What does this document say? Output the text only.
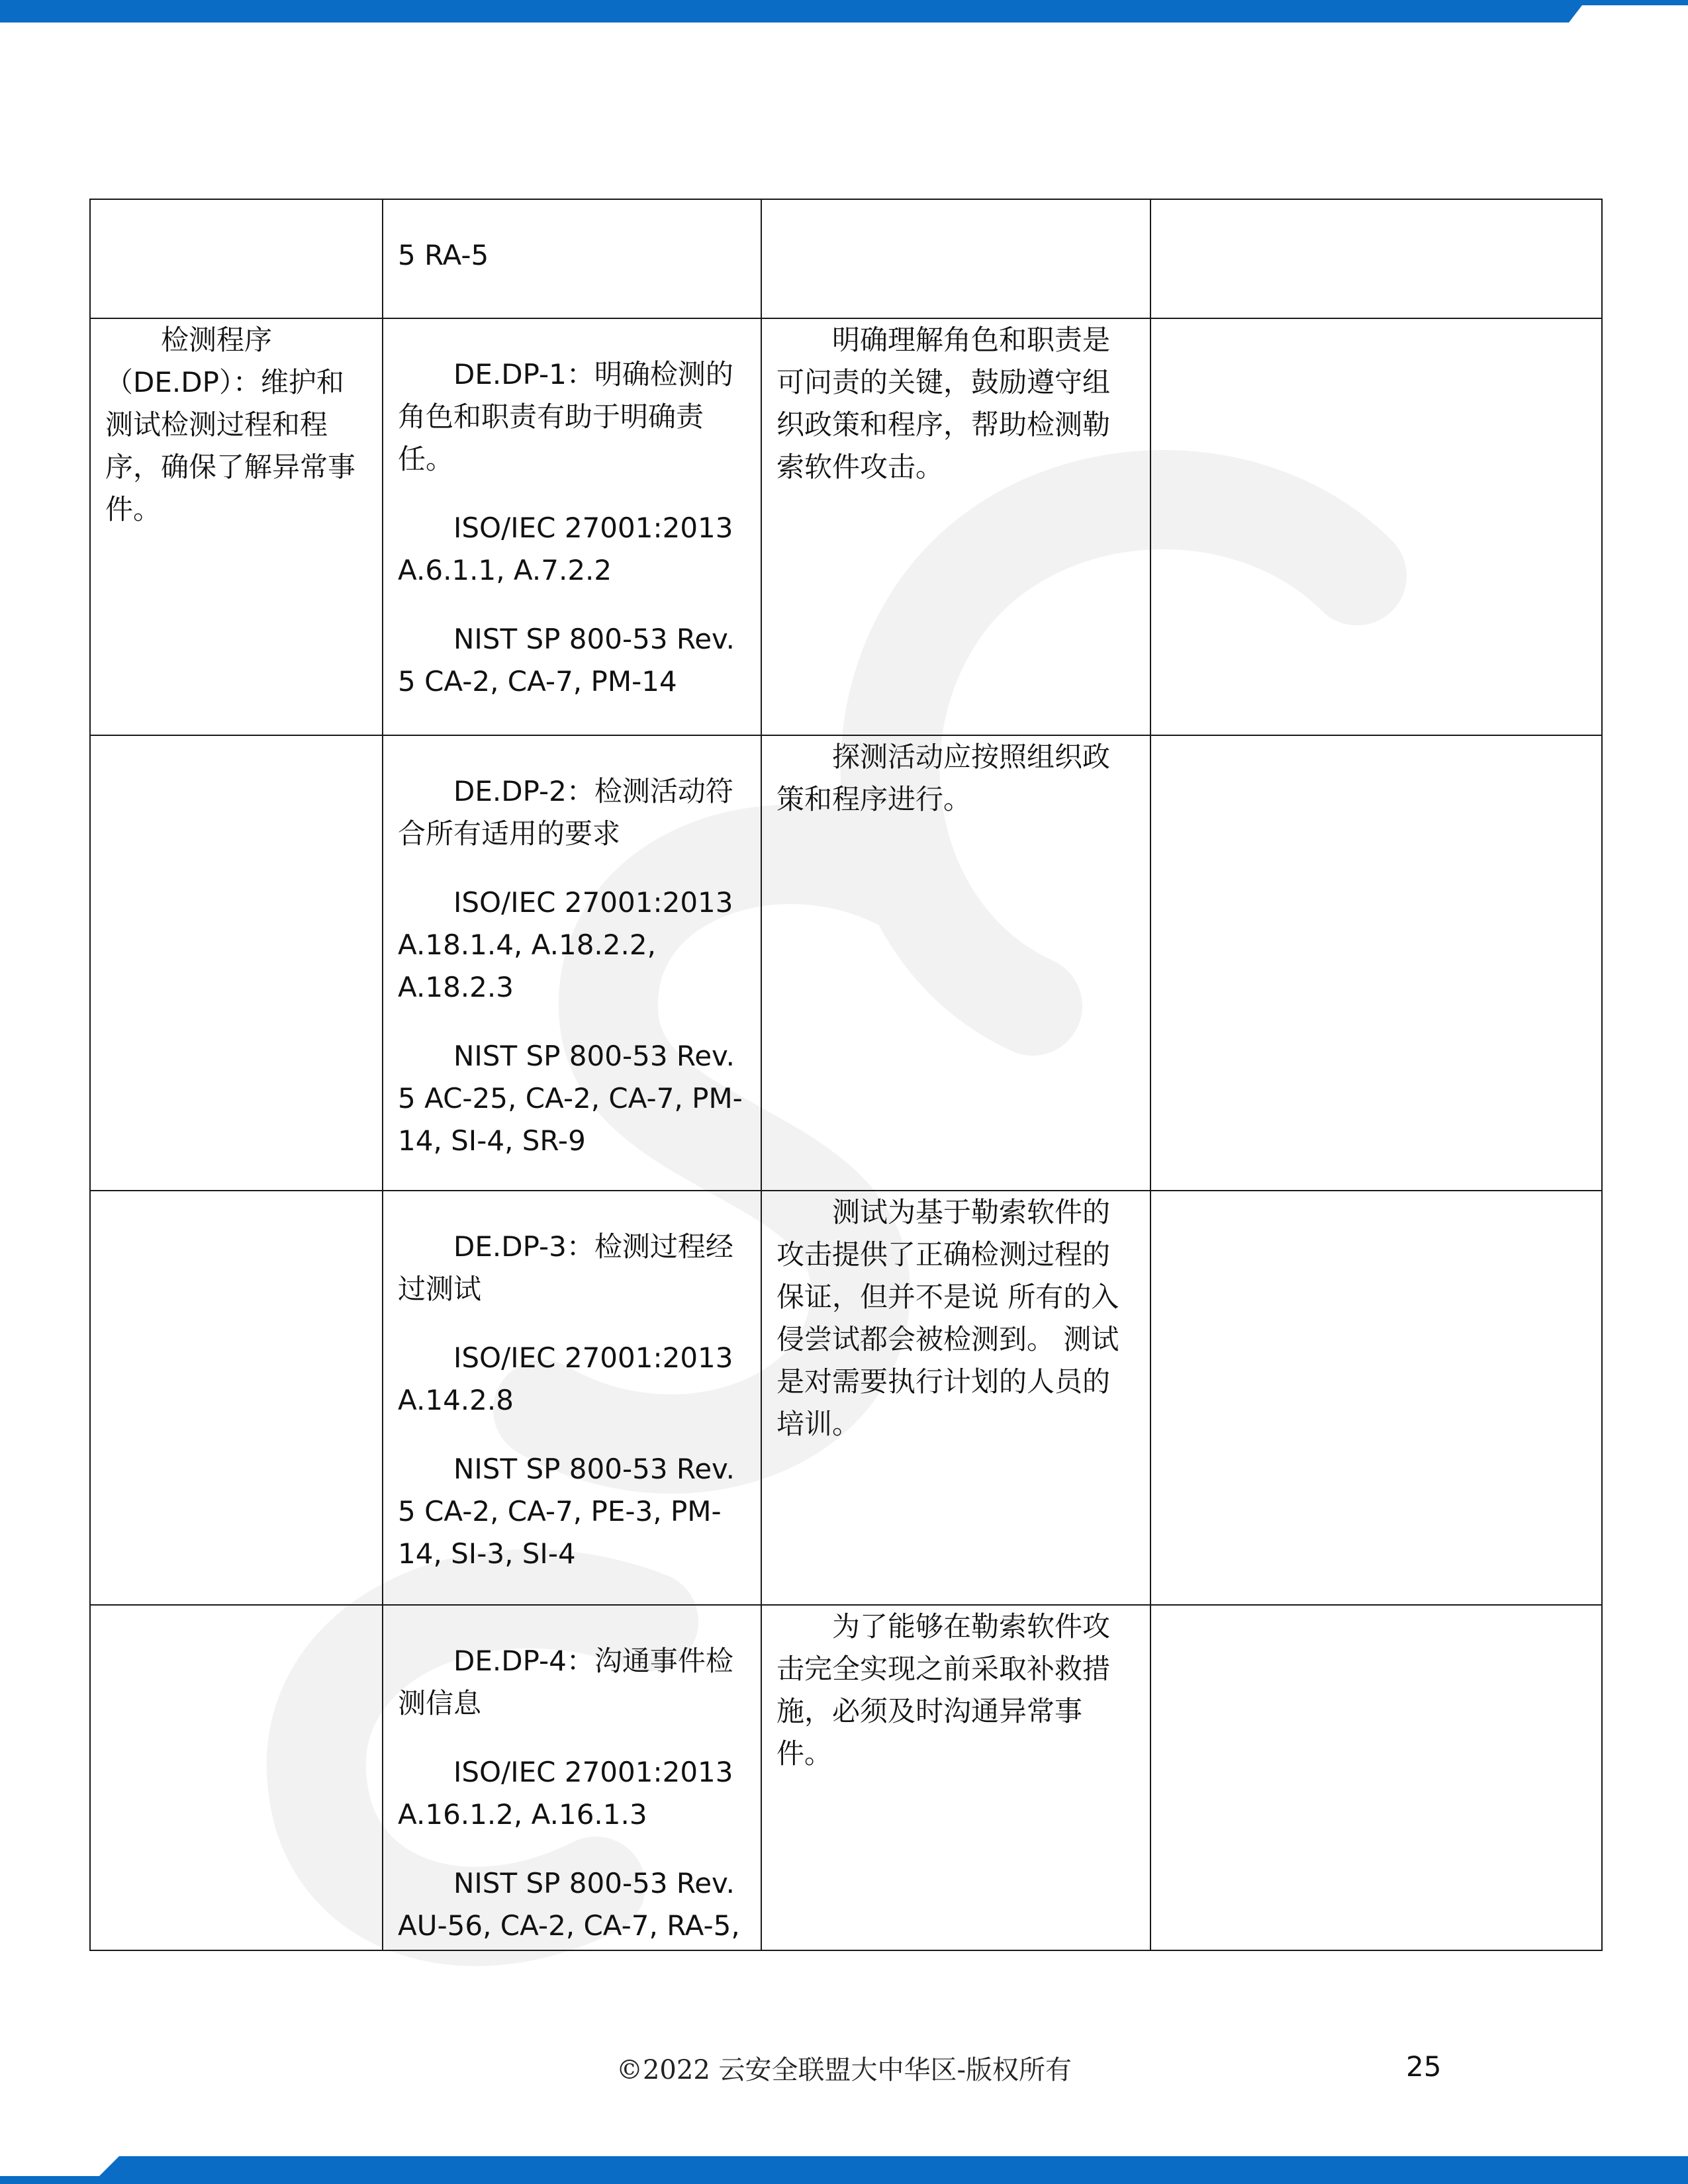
	5 RA-5		

检测程序（DE.DP）：维护和测试检测过程和程序，确保了解异常事件。	DE.DP-1：明确检测的角色和职责有助于明确责任。

ISO/IEC 27001:2013 A.6.1.1, A.7.2.2

NIST SP 800-53 Rev. 5 CA-2, CA-7, PM-14	明确理解角色和职责是可问责的关键，鼓励遵守组织政策和程序，帮助检测勒索软件攻击。	

	DE.DP-2：检测活动符合所有适用的要求

ISO/IEC 27001:2013 A.18.1.4, A.18.2.2, A.18.2.3

NIST SP 800-53 Rev. 5 AC-25, CA-2, CA-7, PM-14, SI-4, SR-9	探测活动应按照组织政策和程序进行。	

	DE.DP-3：检测过程经过测试

ISO/IEC 27001:2013 A.14.2.8

NIST SP 800-53 Rev. 5 CA-2, CA-7, PE-3, PM-14, SI-3, SI-4	测试为基于勒索软件的攻击提供了正确检测过程的保证，但并不是说 所有的入侵尝试都会被检测到。 测试是对需要执行计划的人员的培训。	

	DE.DP-4：沟通事件检测信息

ISO/IEC 27001:2013 A.16.1.2, A.16.1.3

NIST SP 800-53 Rev. AU-56, CA-2, CA-7, RA-5,	为了能够在勒索软件攻击完全实现之前采取补救措施，必须及时沟通异常事件。	

©2022 云安全联盟大中华区-版权所有	25
